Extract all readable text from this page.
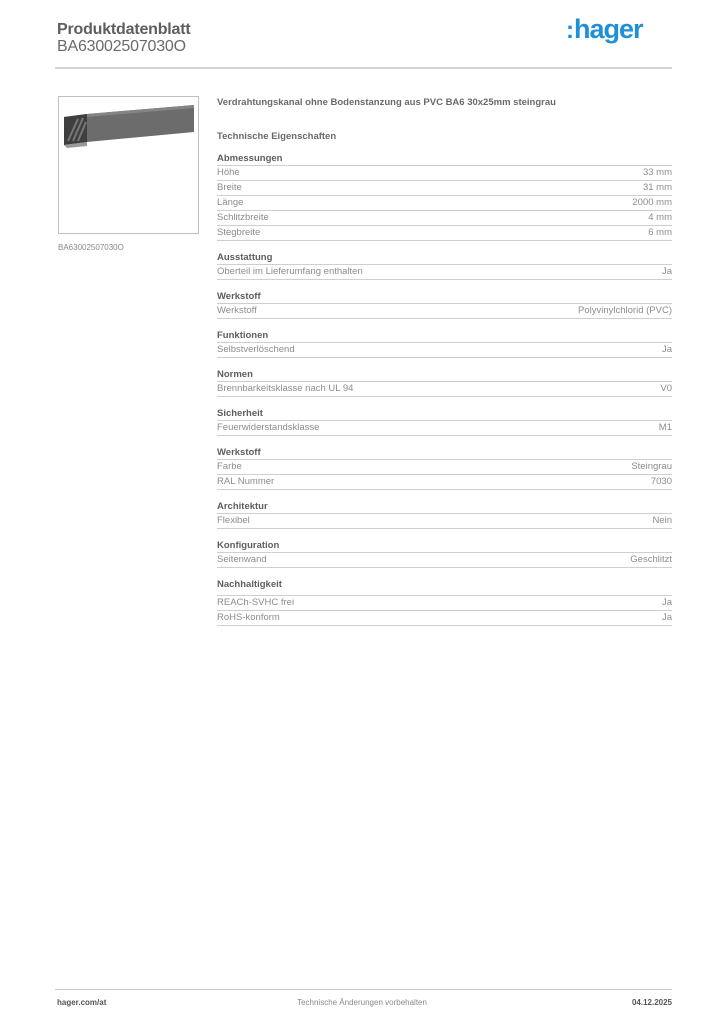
Produktdatenblatt
BA63002507030O
:hager
BA63002507030O
Verdrahtungskanal ohne Bodenstanzung aus PVC BA6 30x25mm steingrau
Technische Eigenschaften
Abmessungen
Höhe	33 mm
Breite	31 mm
Länge	2000 mm
Schlitzbreite	4 mm
Stegbreite	6 mm
Ausstattung
Oberteil im Lieferumfang enthalten	Ja
Werkstoff
Werkstoff	Polyvinylchlorid (PVC)
Funktionen
Selbstverlöschend	Ja
Normen
Brennbarkeitsklasse nach UL 94	V0
Sicherheit
Feuerwiderstandsklasse	M1
Werkstoff
Farbe	Steingrau
RAL Nummer	7030
Architektur
Flexibel	Nein
Konfiguration
Seitenwand	Geschlitzt
Nachhaltigkeit
REACh-SVHC frei	Ja
RoHS-konform	Ja
hager.com/at	Technische Änderungen vorbehalten	04.12.2025
